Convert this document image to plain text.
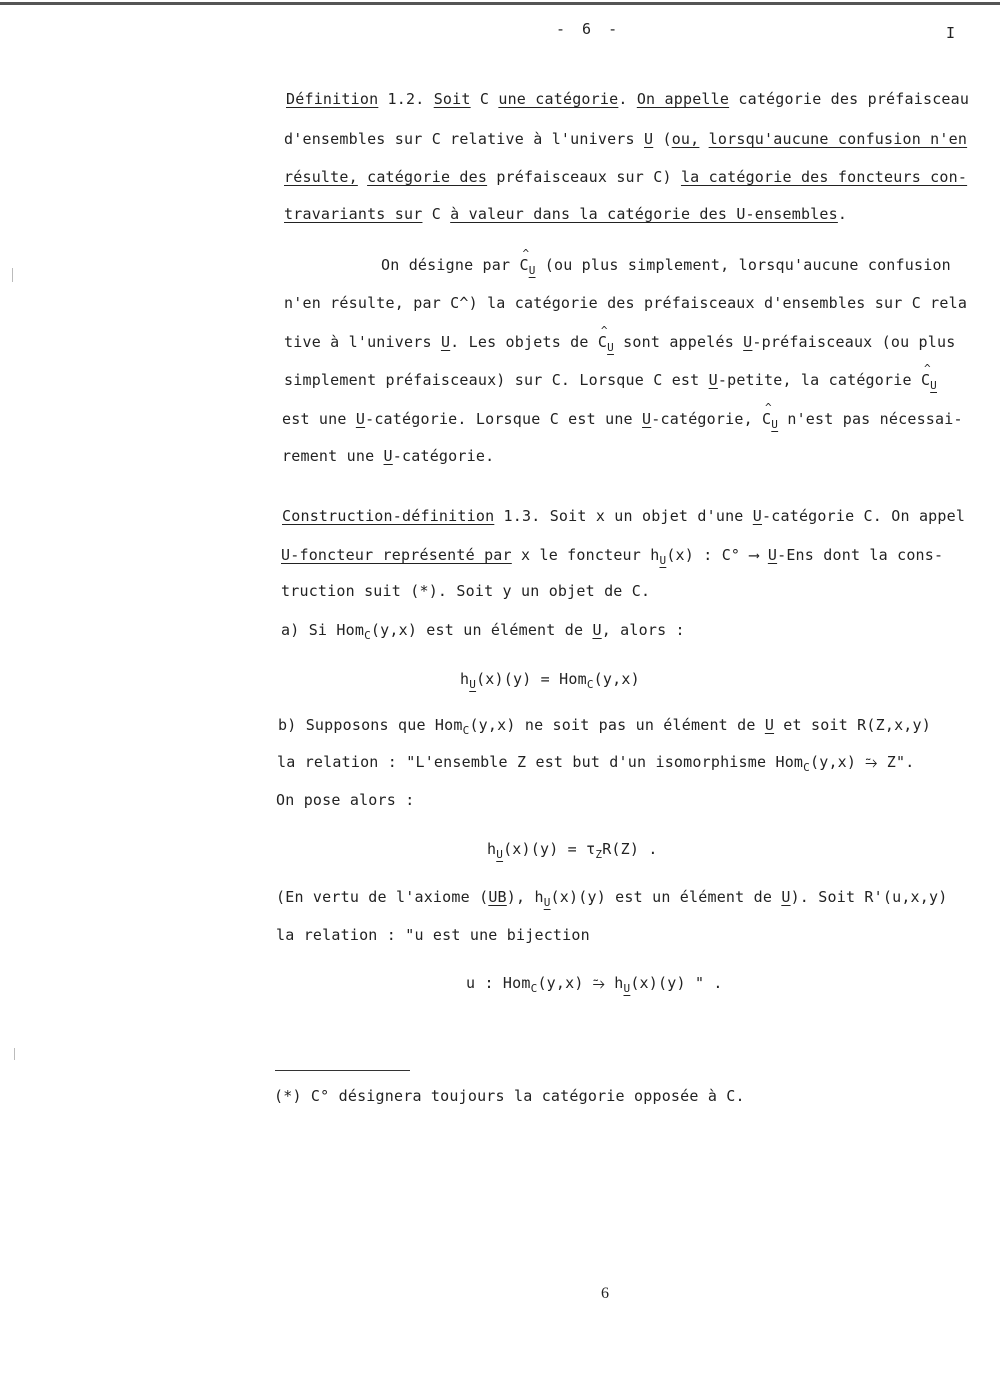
- 6 -	I
Définition 1.2. Soit C une catégorie. On appelle catégorie des préfaisceau
d'ensembles sur C relative à l'univers U (ou, lorsqu'aucune confusion n'en
résulte, catégorie des préfaisceaux sur C) la catégorie des foncteurs con-
travariants sur C à valeur dans la catégorie des U-ensembles.
On désigne par ^ $C_U$ (ou plus simplement, lorsqu'aucune confusion
n'en résulte, par C^) la catégorie des préfaisceaux d'ensembles sur C rela
tive à l'univers U. Les objets de ^ $C_U$ sont appelés U-préfaisceaux (ou plus
simplement préfaisceaux) sur C. Lorsque C est U-petite, la catégorie ^ $C_U$
est une U-catégorie. Lorsque C est une U-catégorie, ^ $C_U$ n'est pas nécessai-
rement une U-catégorie.
Construction-définition 1.3. Soit x un objet d'une U-catégorie C. On appel
U-foncteur représenté par x le foncteur $h_U(x)$ : C° ⟶ U-Ens dont la cons-
truction suit (*). Soit y un objet de C.
a) Si Hom$_C$(y,x) est un élément de U, alors :
$h_U(x)(y) = Hom_C(y,x)$
b) Supposons que Hom$_C$(y,x) ne soit pas un élément de U et soit R(Z,x,y)
la relation : "L'ensemble Z est but d'un isomorphisme Hom$_C$(y,x) ⥲ Z".
On pose alors :
$h_U(x)(y) = \tau_ZR(Z)$ .
(En vertu de l'axiome (UB), $h_U(x)(y)$ est un élément de U). Soit R'(u,x,y)
la relation : "u est une bijection
u : Hom$_C$(y,x) ⥲ $h_U(x)(y)$ " .
(*) C° désignera toujours la catégorie opposée à C.
6
